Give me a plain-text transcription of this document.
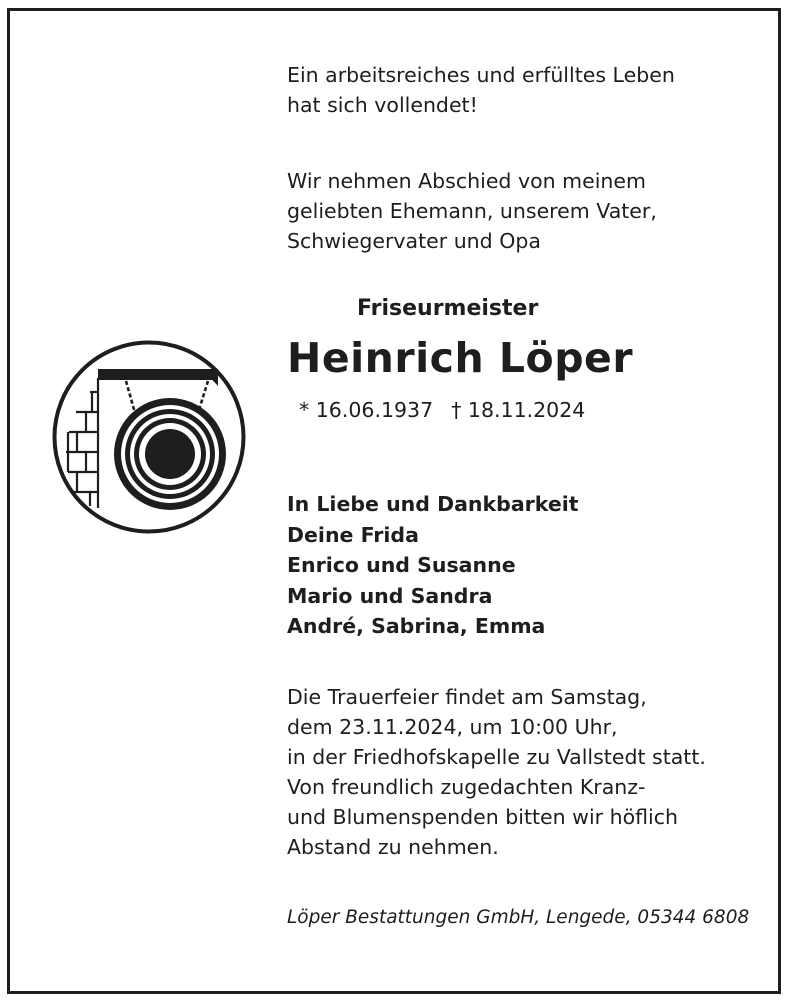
Ein arbeitsreiches und erfülltes Leben
hat sich vollendet!
Wir nehmen Abschied von meinem
geliebten Ehemann, unserem Vater,
Schwiegervater und Opa
Friseurmeister
Heinrich Löper
* 16.06.1937 † 18.11.2024
In Liebe und Dankbarkeit
Deine Frida
Enrico und Susanne
Mario und Sandra
André, Sabrina, Emma
Die Trauerfeier findet am Samstag,
dem 23.11.2024, um 10:00 Uhr,
in der Friedhofskapelle zu Vallstedt statt.
Von freundlich zugedachten Kranz-
und Blumenspenden bitten wir höflich
Abstand zu nehmen.
Löper Bestattungen GmbH, Lengede, 05344 6808
